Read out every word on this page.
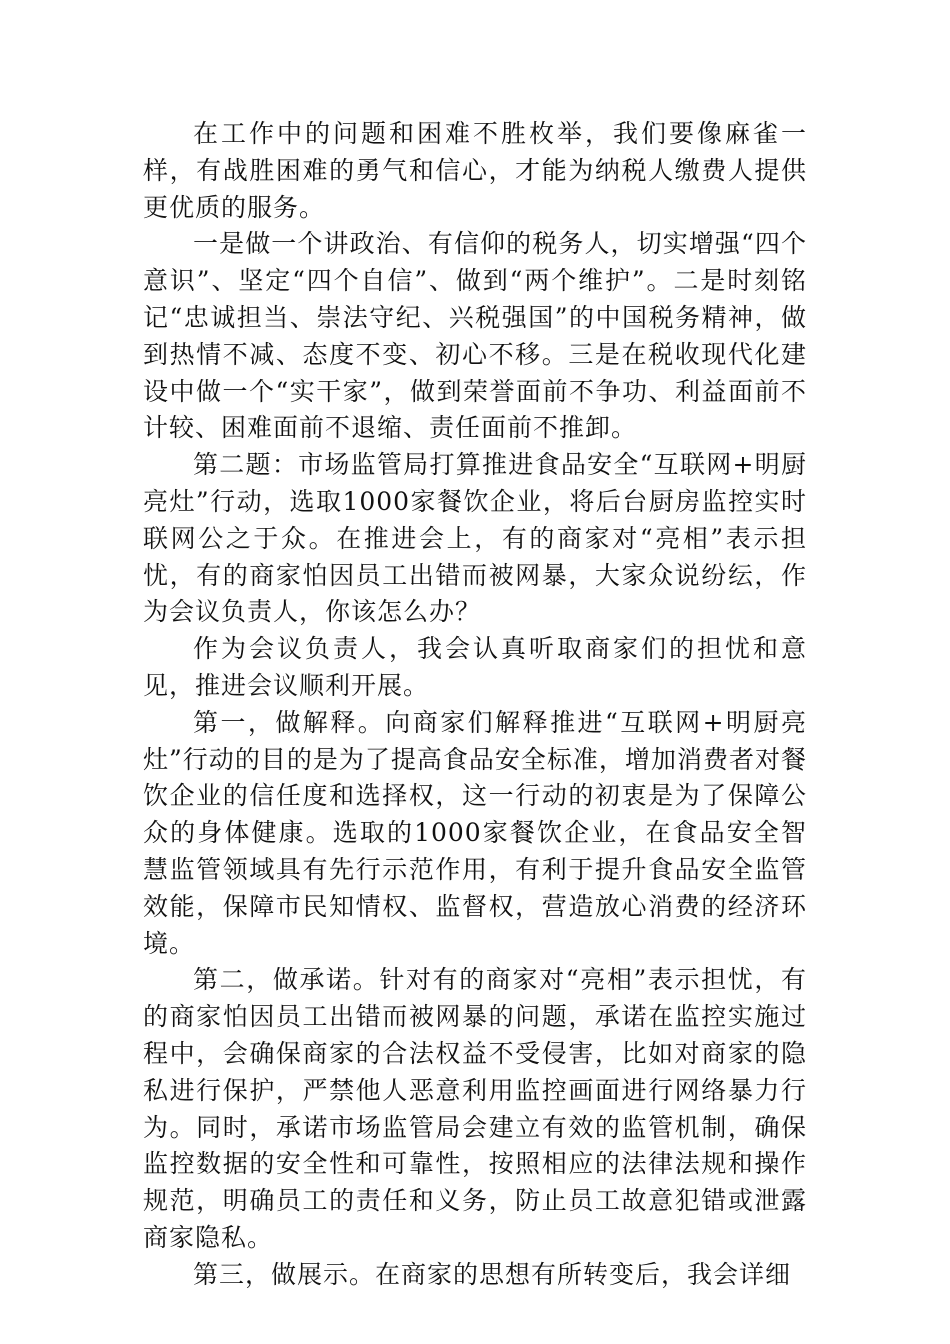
在工作中的问题和困难不胜枚举，我们要像麻雀一样，有战胜困难的勇气和信心，才能为纳税人缴费人提供更优质的服务。

一是做一个讲政治、有信仰的税务人，切实增强“四个意识”、坚定“四个自信”、做到“两个维护”。二是时刻铭记“忠诚担当、崇法守纪、兴税强国”的中国税务精神，做到热情不减、态度不变、初心不移。三是在税收现代化建设中做一个“实干家”，做到荣誉面前不争功、利益面前不计较、困难面前不退缩、责任面前不推卸。

第二题：市场监管局打算推进食品安全“互联网+明厨亮灶”行动，选取1000家餐饮企业，将后台厨房监控实时联网公之于众。在推进会上，有的商家对“亮相”表示担忧，有的商家怕因员工出错而被网暴，大家众说纷纭，作为会议负责人，你该怎么办？

作为会议负责人，我会认真听取商家们的担忧和意见，推进会议顺利开展。

第一，做解释。向商家们解释推进“互联网+明厨亮灶”行动的目的是为了提高食品安全标准，增加消费者对餐饮企业的信任度和选择权，这一行动的初衷是为了保障公众的身体健康。选取的1000家餐饮企业，在食品安全智慧监管领域具有先行示范作用，有利于提升食品安全监管效能，保障市民知情权、监督权，营造放心消费的经济环境。

第二，做承诺。针对有的商家对“亮相”表示担忧，有的商家怕因员工出错而被网暴的问题，承诺在监控实施过程中，会确保商家的合法权益不受侵害，比如对商家的隐私进行保护，严禁他人恶意利用监控画面进行网络暴力行为。同时，承诺市场监管局会建立有效的监管机制，确保监控数据的安全性和可靠性，按照相应的法律法规和操作规范，明确员工的责任和义务，防止员工故意犯错或泄露商家隐私。

第三，做展示。在商家的思想有所转变后，我会详细
